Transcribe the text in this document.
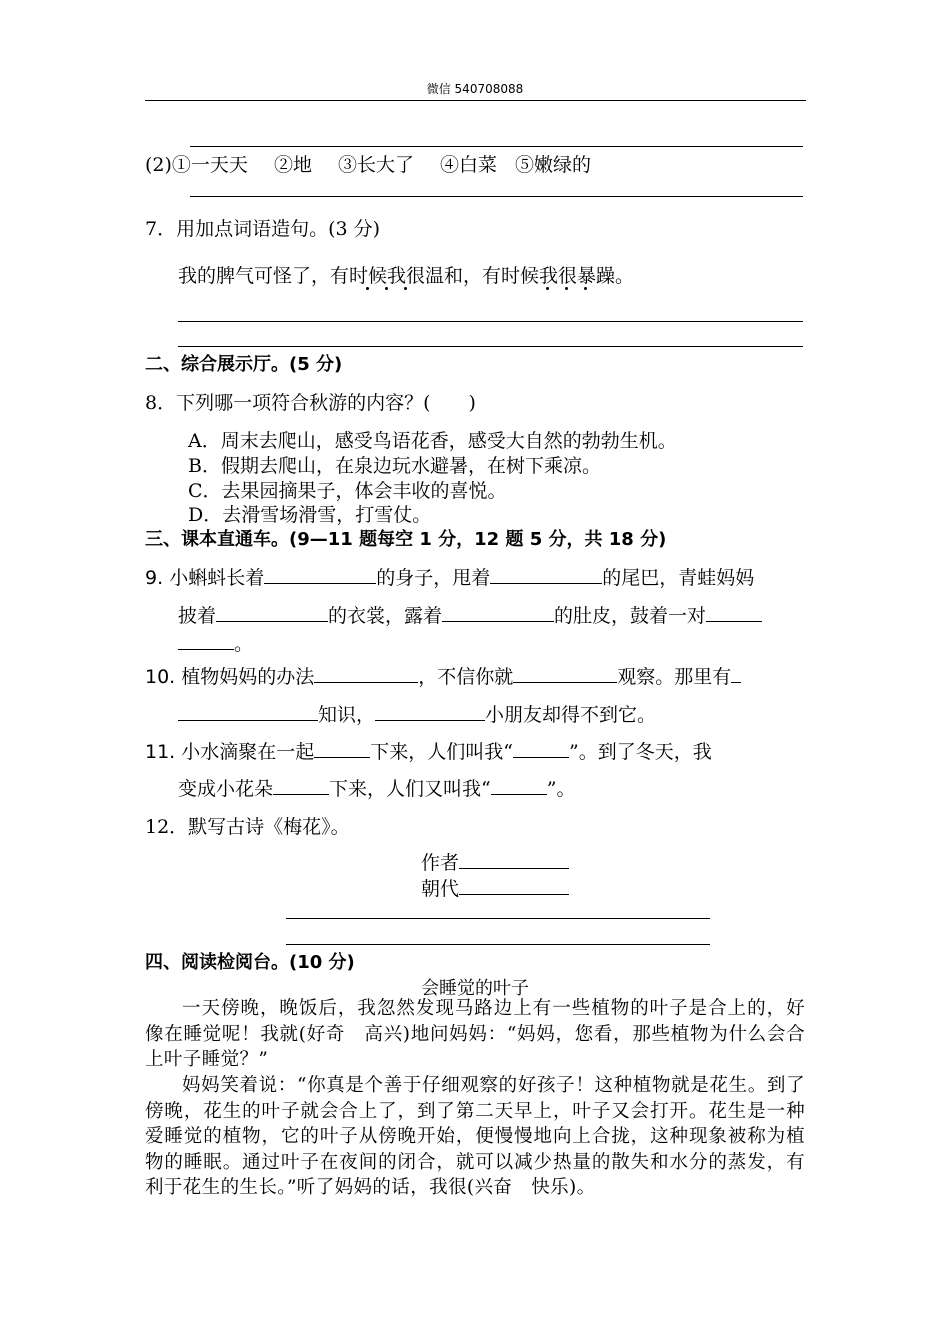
微信 540708088
(2)①一天天 ②地 ③长大了 ④白菜 ⑤嫩绿的
7．用加点词语造句。(3 分)
我的脾气可怪了，有时候我很温和，有时候我很暴躁。
二、综合展示厅。(5 分)
8．下列哪一项符合秋游的内容？(　　)
A．周末去爬山，感受鸟语花香，感受大自然的勃勃生机。
B．假期去爬山，在泉边玩水避暑，在树下乘凉。
C．去果园摘果子，体会丰收的喜悦。
D．去滑雪场滑雪，打雪仗。
三、课本直通车。(9—11 题每空 1 分，12 题 5 分，共 18 分)
9. 小蝌蚪长着	的身子，甩着	的尾巴，青蛙妈妈
披着	的衣裳，露着	的肚皮，鼓着一对
。
10. 植物妈妈的办法	，不信你就	观察。那里有
知识，	小朋友却得不到它。
11. 小水滴聚在一起	下来，人们叫我“	”。到了冬天，我
变成小花朵	下来，人们又叫我“	”。
12．默写古诗《梅花》。
作者
朝代
四、阅读检阅台。(10 分)
会睡觉的叶子
一天傍晚，晚饭后，我忽然发现马路边上有一些植物的叶子是合上的，好像在睡觉呢！我就(好奇　高兴)地问妈妈：“妈妈，您看，那些植物为什么会合上叶子睡觉？”
妈妈笑着说：“你真是个善于仔细观察的好孩子！这种植物就是花生。到了傍晚，花生的叶子就会合上了，到了第二天早上，叶子又会打开。花生是一种爱睡觉的植物，它的叶子从傍晚开始，便慢慢地向上合拢，这种现象被称为植物的睡眠。通过叶子在夜间的闭合，就可以减少热量的散失和水分的蒸发，有利于花生的生长。”听了妈妈的话，我很(兴奋　快乐)。
